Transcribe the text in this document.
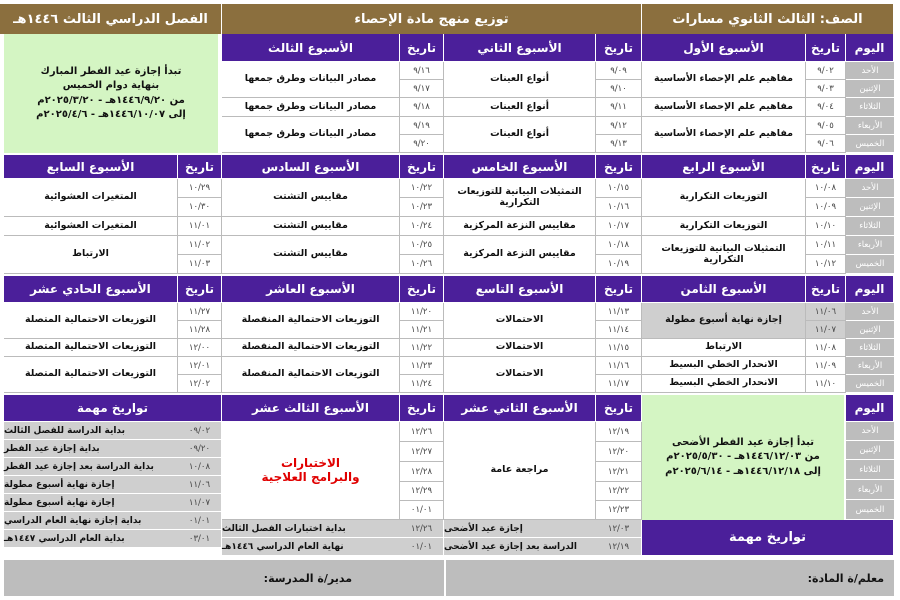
الفصل الدراسي الثالث ١٤٤٦هـ	توزيع منهج مادة الإحصاء	الصف: الثالث الثانوي مسارات
اليوم
تاريخ
الأسبوع الأول
تاريخ
الأسبوع الثاني
تاريخ
الأسبوع الثالث
الأحد
الإثنين
الثلاثاء
الأربعاء
الخميس
٩/٠٢
٩/٠٣
٩/٠٤
٩/٠٥
٩/٠٦
مفاهيم علم الإحصاء الأساسية
مفاهيم علم الإحصاء الأساسية
مفاهيم علم الإحصاء الأساسية
٩/٠٩
٩/١٠
٩/١١
٩/١٢
٩/١٣
أنواع العينات
أنواع العينات
أنواع العينات
٩/١٦
٩/١٧
٩/١٨
٩/١٩
٩/٢٠
مصادر البيانات وطرق جمعها
مصادر البيانات وطرق جمعها
مصادر البيانات وطرق جمعها
تبدأ إجازة عيد الفطر المبارك
بنهاية دوام الخميس
من ١٤٤٦/٩/٢٠هـ - ٢٠٢٥/٣/٢٠م
إلى ١٤٤٦/١٠/٠٧هـ - ٢٠٢٥/٤/٦م
اليوم
تاريخ
الأسبوع الرابع
تاريخ
الأسبوع الخامس
تاريخ
الأسبوع السادس
تاريخ
الأسبوع السابع
الأحد
الإثنين
الثلاثاء
الأربعاء
الخميس
١٠/٠٨
١٠/٠٩
١٠/١٠
١٠/١١
١٠/١٢
التوزيعات التكرارية
التوزيعات التكرارية
التمثيلات البيانية للتوزيعات التكرارية
١٠/١٥
١٠/١٦
١٠/١٧
١٠/١٨
١٠/١٩
التمثيلات البيانية للتوزيعات التكرارية
مقاييس النزعة المركزية
مقاييس النزعة المركزية
١٠/٢٢
١٠/٢٣
١٠/٢٤
١٠/٢٥
١٠/٢٦
مقاييس التشتت
مقاييس التشتت
مقاييس التشتت
١٠/٢٩
١٠/٣٠
١١/٠١
١١/٠٢
١١/٠٣
المتغيرات العشوائية
المتغيرات العشوائية
الارتباط
اليوم
تاريخ
الأسبوع الثامن
تاريخ
الأسبوع التاسع
تاريخ
الأسبوع العاشر
تاريخ
الأسبوع الحادي عشر
الأحد
الإثنين
الثلاثاء
الأربعاء
الخميس
١١/٠٦
١١/٠٧
١١/٠٨
١١/٠٩
١١/١٠
إجازة نهاية أسبوع مطولة
الارتباط
الانحدار الخطي البسيط
الانحدار الخطي البسيط
١١/١٣
١١/١٤
١١/١٥
١١/١٦
١١/١٧
الاحتمالات
الاحتمالات
الاحتمالات
١١/٢٠
١١/٢١
١١/٢٢
١١/٢٣
١١/٢٤
التوزيعات الاحتمالية المنفصلة
التوزيعات الاحتمالية المنفصلة
التوزيعات الاحتمالية المنفصلة
١١/٢٧
١١/٢٨
١٢/٠٠
١٢/٠١
١٢/٠٢
التوزيعات الاحتمالية المتصلة
التوزيعات الاحتمالية المتصلة
التوزيعات الاحتمالية المتصلة
تبدأ إجازة عيد الفطر الأضحى
من ١٤٤٦/١٢/٠٣هـ - ٢٠٢٥/٥/٣٠م
إلى ١٤٤٦/١٢/١٨هـ - ٢٠٢٥/٦/١٤م
اليوم
الأحد
الإثنين
الثلاثاء
الأربعاء
الخميس
تاريخ
الأسبوع الثاني عشر
تاريخ
الأسبوع الثالث عشر
تواريخ مهمة
١٢/١٩
١٢/٢٠
١٢/٢١
١٢/٢٢
١٢/٢٣
مراجعة عامة
١٢/٢٦
١٢/٢٧
١٢/٢٨
١٢/٢٩
٠١/٠١
الاختبارات
والبرامج العلاجية
٠٩/٠٢
بداية الدراسة للفصل الثالث
٠٩/٢٠
بداية إجازة عيد الفطر
١٠/٠٨
بداية الدراسة بعد إجازة عيد الفطر
١١/٠٦
إجازة نهاية أسبوع مطولة
١١/٠٧
إجازة نهاية أسبوع مطولة
٠١/٠١
بداية إجازة نهاية العام الدراسي
٠٣/٠١
بداية العام الدراسي ١٤٤٧هـ
١٢/٢٦
بداية اختبارات الفصل الثالث
٠١/٠١
نهاية العام الدراسي ١٤٤٦هـ
١٢/٠٣
إجازة عيد الأضحى
١٢/١٩
الدراسة بعد إجازة عيد الأضحى
تواريخ مهمة
معلم/ة المادة:
مدير/ة المدرسة:
